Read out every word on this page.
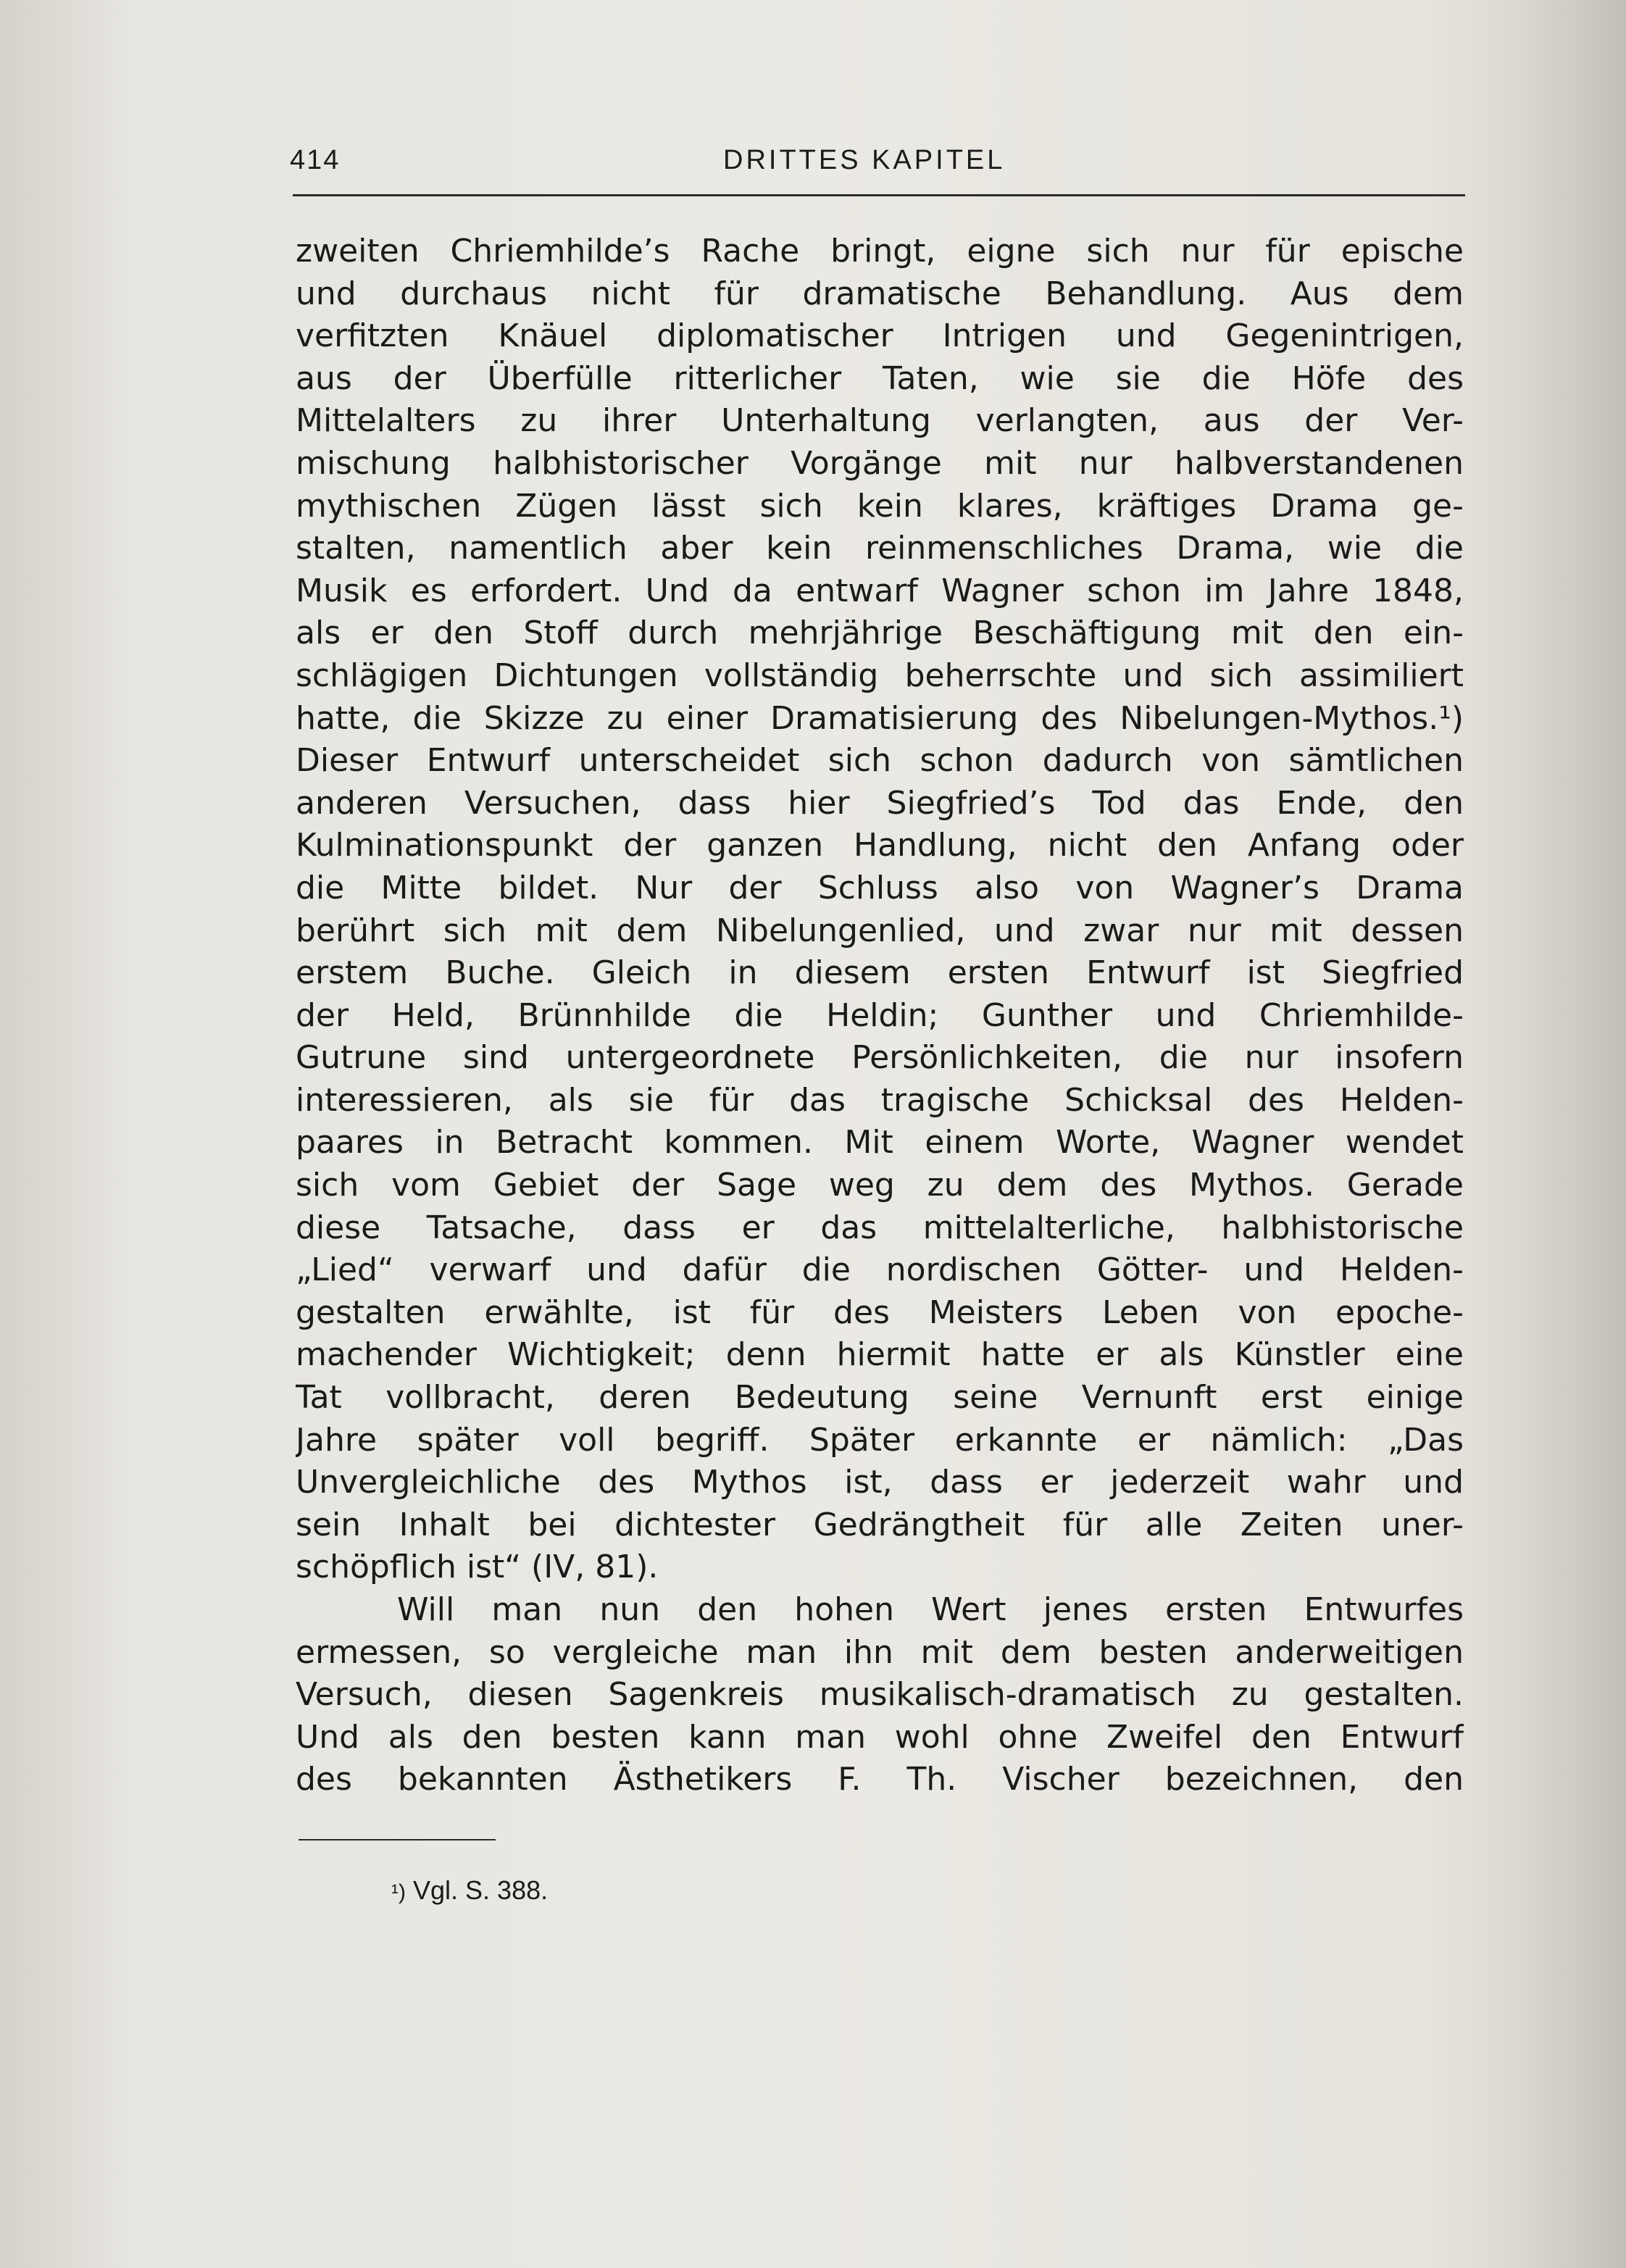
414	DRITTES KAPITEL
zweiten Chriemhilde’s Rache bringt, eigne sich nur für epische
und durchaus nicht für dramatische Behandlung. Aus dem
verfitzten Knäuel diplomatischer Intrigen und Gegenintrigen,
aus der Überfülle ritterlicher Taten, wie sie die Höfe des
Mittelalters zu ihrer Unterhaltung verlangten, aus der Ver-
mischung halbhistorischer Vorgänge mit nur halbverstandenen
mythischen Zügen lässt sich kein klares, kräftiges Drama ge-
stalten, namentlich aber kein reinmenschliches Drama, wie die
Musik es erfordert. Und da entwarf Wagner schon im Jahre 1848,
als er den Stoff durch mehrjährige Beschäftigung mit den ein-
schlägigen Dichtungen vollständig beherrschte und sich assimiliert
hatte, die Skizze zu einer Dramatisierung des Nibelungen-Mythos.¹)
Dieser Entwurf unterscheidet sich schon dadurch von sämtlichen
anderen Versuchen, dass hier Siegfried’s Tod das Ende, den
Kulminationspunkt der ganzen Handlung, nicht den Anfang oder
die Mitte bildet. Nur der Schluss also von Wagner’s Drama
berührt sich mit dem Nibelungenlied, und zwar nur mit dessen
erstem Buche. Gleich in diesem ersten Entwurf ist Siegfried
der Held, Brünnhilde die Heldin; Gunther und Chriemhilde-
Gutrune sind untergeordnete Persönlichkeiten, die nur insofern
interessieren, als sie für das tragische Schicksal des Helden-
paares in Betracht kommen. Mit einem Worte, Wagner wendet
sich vom Gebiet der Sage weg zu dem des Mythos. Gerade
diese Tatsache, dass er das mittelalterliche, halbhistorische
„Lied“ verwarf und dafür die nordischen Götter- und Helden-
gestalten erwählte, ist für des Meisters Leben von epoche-
machender Wichtigkeit; denn hiermit hatte er als Künstler eine
Tat vollbracht, deren Bedeutung seine Vernunft erst einige
Jahre später voll begriff. Später erkannte er nämlich: „Das
Unvergleichliche des Mythos ist, dass er jederzeit wahr und
sein Inhalt bei dichtester Gedrängtheit für alle Zeiten uner-
schöpflich ist“ (IV, 81).
Will man nun den hohen Wert jenes ersten Entwurfes
ermessen, so vergleiche man ihn mit dem besten anderweitigen
Versuch, diesen Sagenkreis musikalisch-dramatisch zu gestalten.
Und als den besten kann man wohl ohne Zweifel den Entwurf
des bekannten Ästhetikers F. Th. Vischer bezeichnen, den
¹) Vgl. S. 388.
